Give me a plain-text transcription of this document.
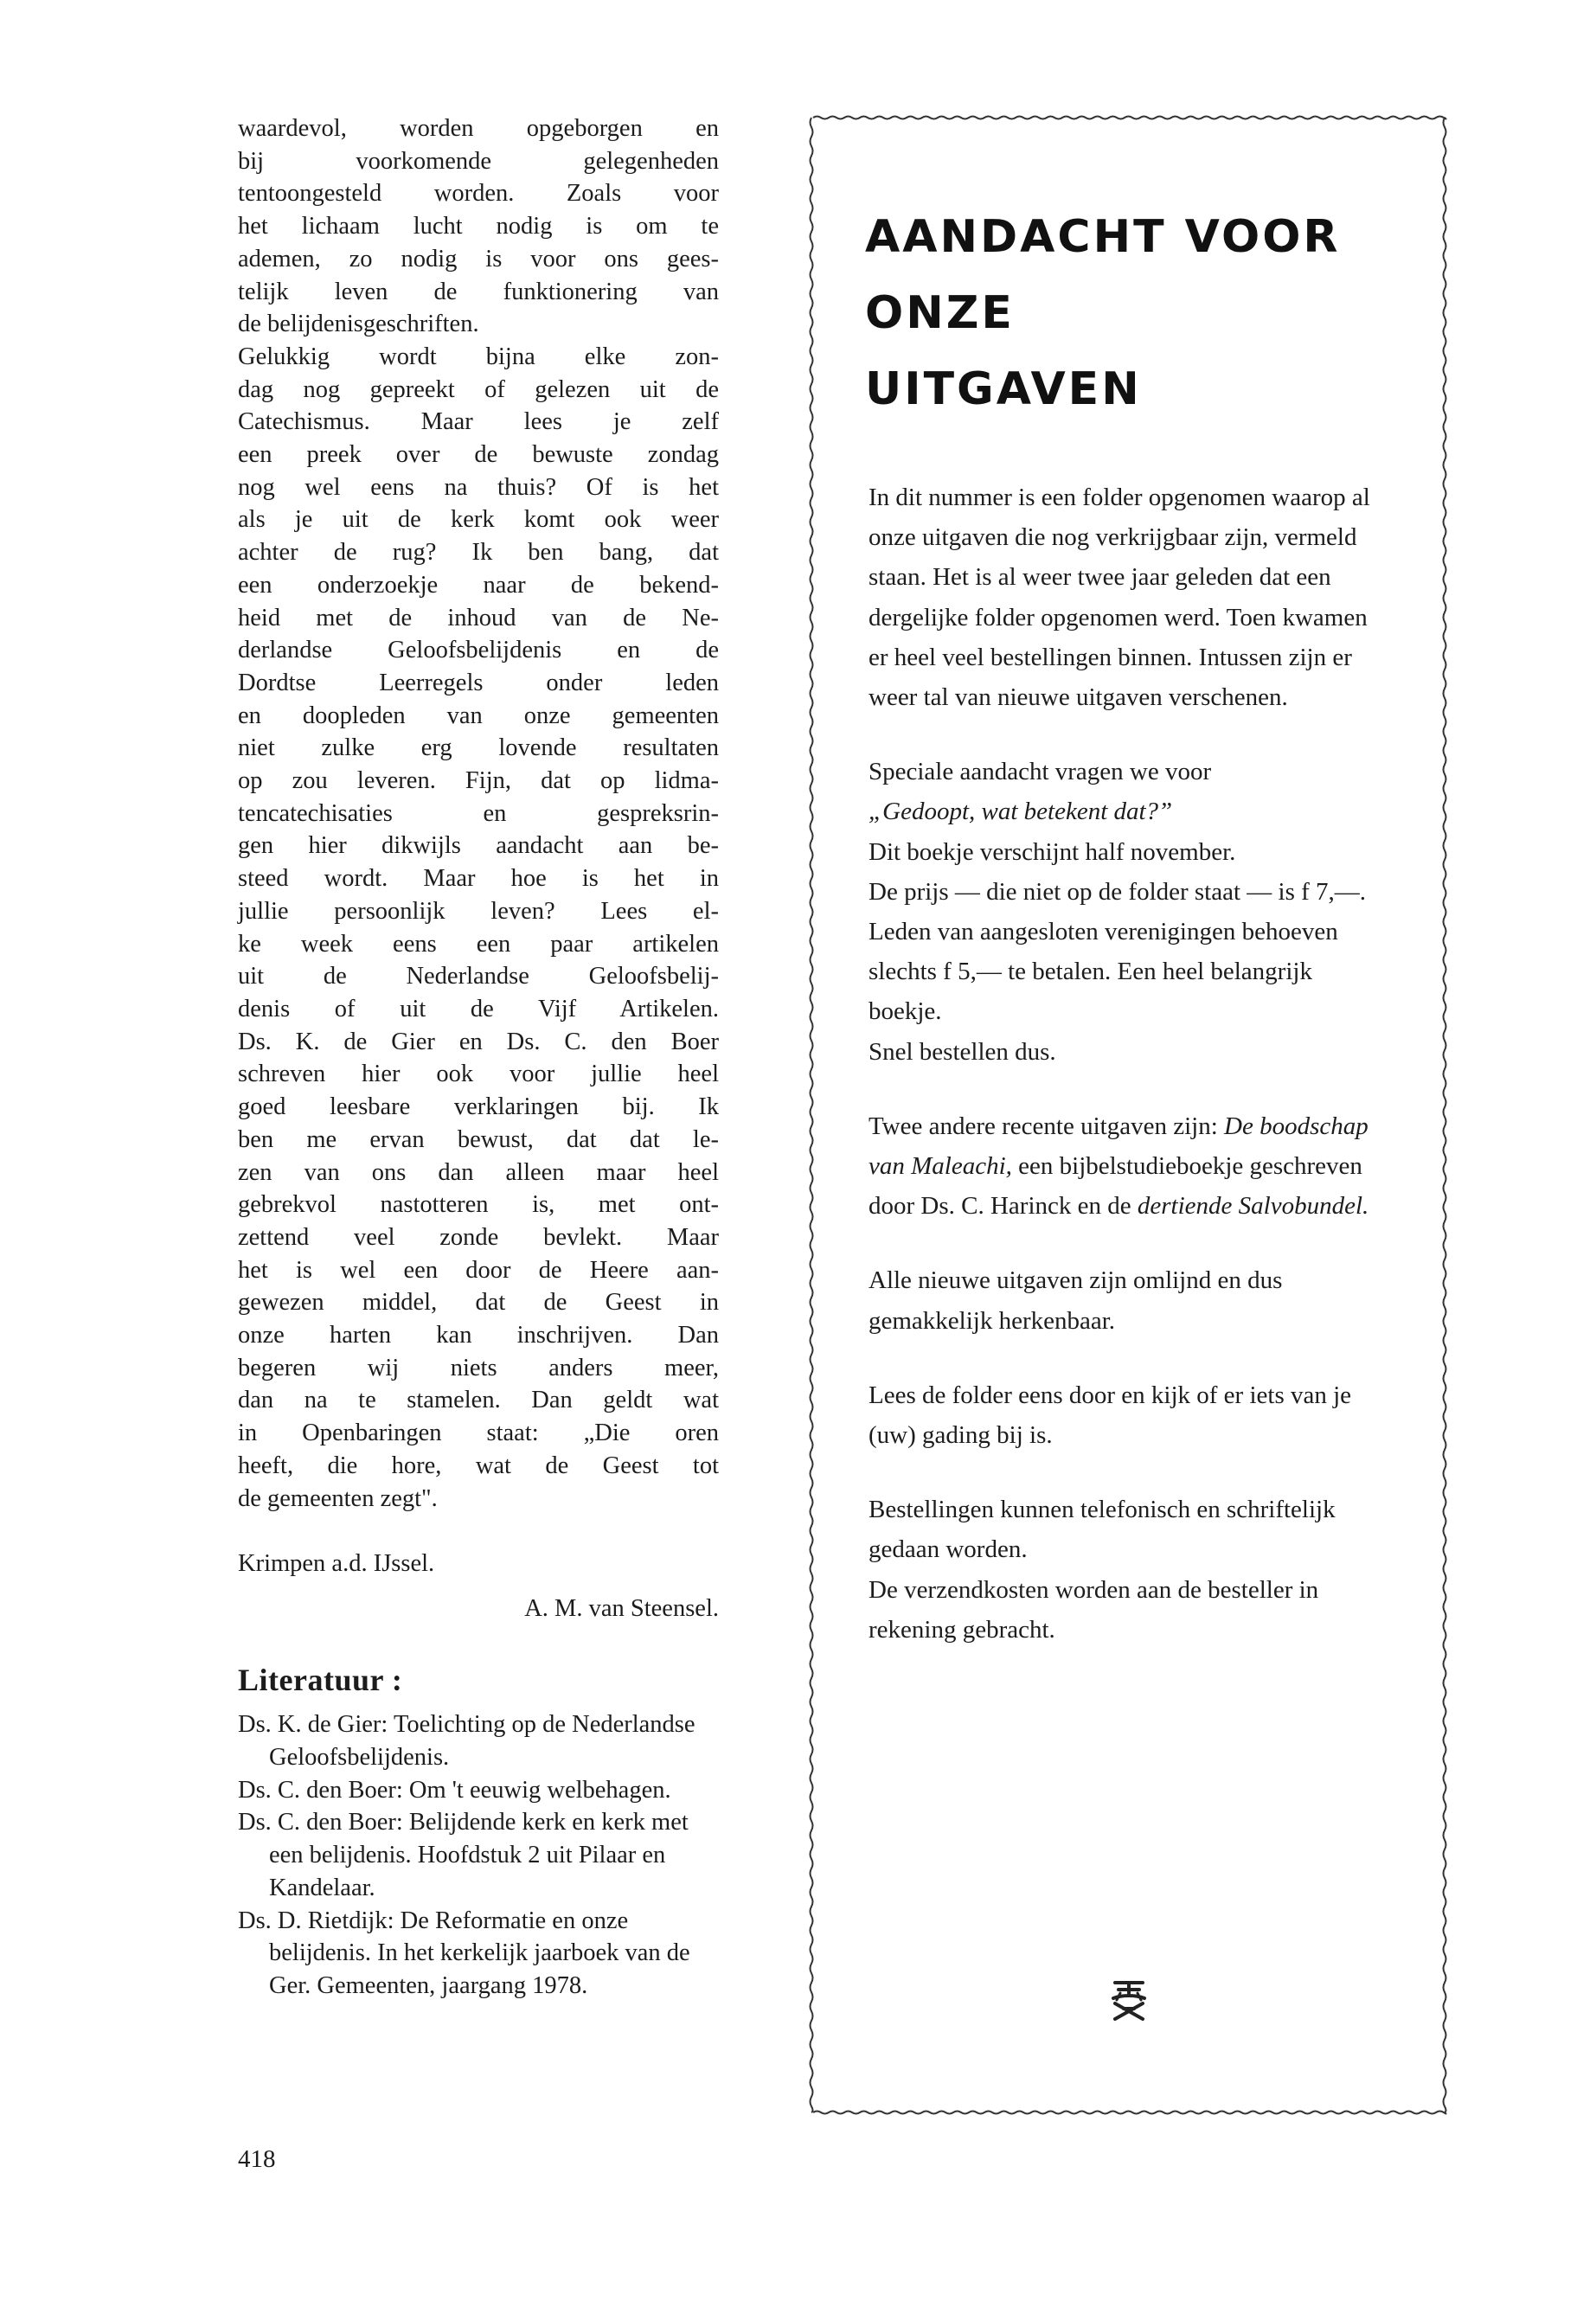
waardevol, worden opgeborgen en
bij voorkomende gelegenheden
tentoongesteld worden. Zoals voor
het lichaam lucht nodig is om te
ademen, zo nodig is voor ons gees-
telijk leven de funktionering van
de belijdenisgeschriften.
Gelukkig wordt bijna elke zon-
dag nog gepreekt of gelezen uit de
Catechismus. Maar lees je zelf
een preek over de bewuste zondag
nog wel eens na thuis? Of is het
als je uit de kerk komt ook weer
achter de rug? Ik ben bang, dat
een onderzoekje naar de bekend-
heid met de inhoud van de Ne-
derlandse Geloofsbelijdenis en de
Dordtse Leerregels onder leden
en doopleden van onze gemeenten
niet zulke erg lovende resultaten
op zou leveren. Fijn, dat op lidma-
tencatechisaties en gespreksrin-
gen hier dikwijls aandacht aan be-
steed wordt. Maar hoe is het in
jullie persoonlijk leven? Lees el-
ke week eens een paar artikelen
uit de Nederlandse Geloofsbelij-
denis of uit de Vijf Artikelen.
Ds. K. de Gier en Ds. C. den Boer
schreven hier ook voor jullie heel
goed leesbare verklaringen bij. Ik
ben me ervan bewust, dat dat le-
zen van ons dan alleen maar heel
gebrekvol nastotteren is, met ont-
zettend veel zonde bevlekt. Maar
het is wel een door de Heere aan-
gewezen middel, dat de Geest in
onze harten kan inschrijven. Dan
begeren wij niets anders meer,
dan na te stamelen. Dan geldt wat
in Openbaringen staat: „Die oren
heeft, die hore, wat de Geest tot
de gemeenten zegt".

Krimpen a.d. IJssel.

A. M. van Steensel.

Literatuur :

Ds. K. de Gier: Toelichting op de Nederlandse Geloofsbelijdenis.

Ds. C. den Boer: Om 't eeuwig welbehagen.

Ds. C. den Boer: Belijdende kerk en kerk met een belijdenis. Hoofdstuk 2 uit Pilaar en Kandelaar.

Ds. D. Rietdijk: De Reformatie en onze belijdenis. In het kerkelijk jaarboek van de Ger. Gemeenten, jaargang 1978.

AANDACHT VOOR
ONZE
UITGAVEN

In dit nummer is een folder opgenomen waarop al onze uitgaven die nog verkrijgbaar zijn, vermeld staan. Het is al weer twee jaar geleden dat een dergelijke folder opgenomen werd. Toen kwamen er heel veel bestellingen binnen. Intussen zijn er weer tal van nieuwe uitgaven verschenen.

Speciale aandacht vragen we voor

„Gedoopt, wat betekent dat?”

Dit boekje verschijnt half november.

De prijs — die niet op de folder staat — is f 7,—. Leden van aangesloten verenigingen behoeven slechts f 5,— te betalen. Een heel belangrijk boekje.

Snel bestellen dus.

Twee andere recente uitgaven zijn: De boodschap van Maleachi, een bijbelstudieboekje geschreven door Ds. C. Harinck en de dertiende Salvobundel.

Alle nieuwe uitgaven zijn omlijnd en dus gemakkelijk herkenbaar.

Lees de folder eens door en kijk of er iets van je (uw) gading bij is.

Bestellingen kunnen telefonisch en schriftelijk gedaan worden.

De verzendkosten worden aan de besteller in rekening gebracht.

418
